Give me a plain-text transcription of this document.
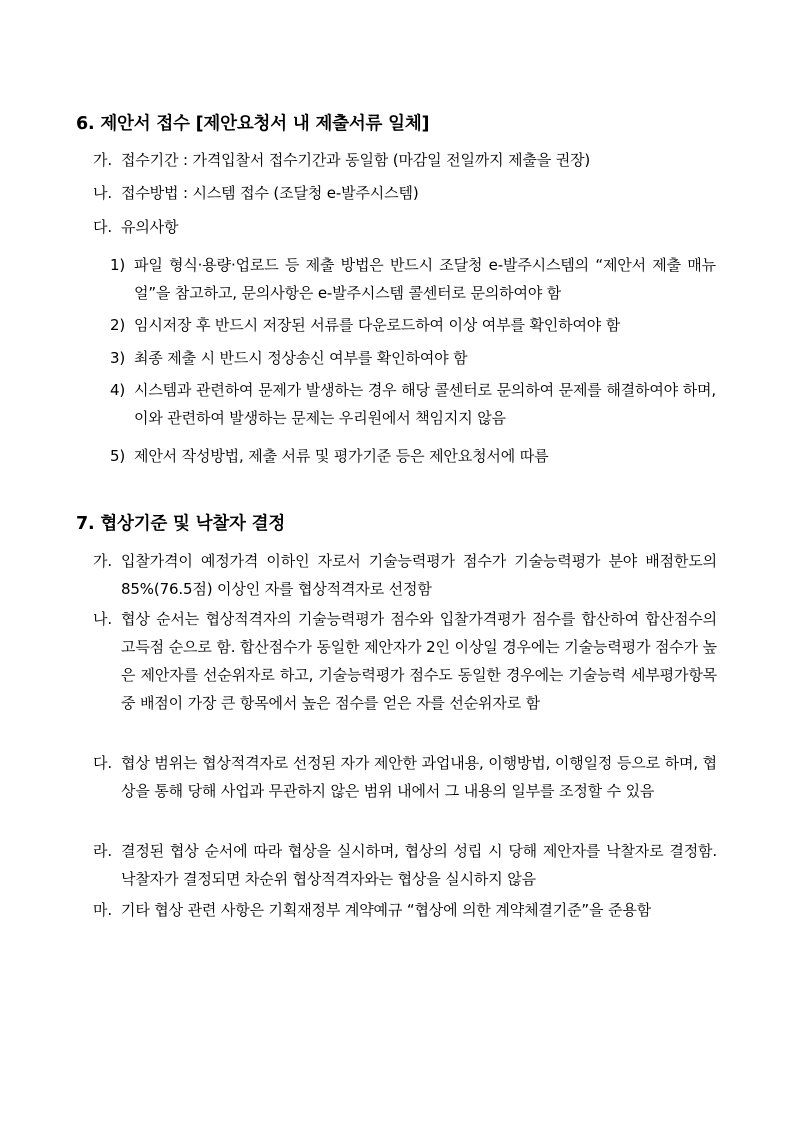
6. 제안서 접수 [제안요청서 내 제출서류 일체]
가. 접수기간 : 가격입찰서 접수기간과 동일함 (마감일 전일까지 제출을 권장)
나. 접수방법 : 시스템 접수 (조달청 e-발주시스템)
다. 유의사항
1) 파일 형식·용량·업로드 등 제출 방법은 반드시 조달청 e-발주시스템의 “제안서 제출 매뉴얼”을 참고하고, 문의사항은 e-발주시스템 콜센터로 문의하여야 함
2) 임시저장 후 반드시 저장된 서류를 다운로드하여 이상 여부를 확인하여야 함
3) 최종 제출 시 반드시 정상송신 여부를 확인하여야 함
4) 시스템과 관련하여 문제가 발생하는 경우 해당 콜센터로 문의하여 문제를 해결하여야 하며, 이와 관련하여 발생하는 문제는 우리원에서 책임지지 않음
5) 제안서 작성방법, 제출 서류 및 평가기준 등은 제안요청서에 따름
7. 협상기준 및 낙찰자 결정
가. 입찰가격이 예정가격 이하인 자로서 기술능력평가 점수가 기술능력평가 분야 배점한도의 85%(76.5점) 이상인 자를 협상적격자로 선정함
나. 협상 순서는 협상적격자의 기술능력평가 점수와 입찰가격평가 점수를 합산하여 합산점수의 고득점 순으로 함. 합산점수가 동일한 제안자가 2인 이상일 경우에는 기술능력평가 점수가 높은 제안자를 선순위자로 하고, 기술능력평가 점수도 동일한 경우에는 기술능력 세부평가항목 중 배점이 가장 큰 항목에서 높은 점수를 얻은 자를 선순위자로 함
다. 협상 범위는 협상적격자로 선정된 자가 제안한 과업내용, 이행방법, 이행일정 등으로 하며, 협상을 통해 당해 사업과 무관하지 않은 범위 내에서 그 내용의 일부를 조정할 수 있음
라. 결정된 협상 순서에 따라 협상을 실시하며, 협상의 성립 시 당해 제안자를 낙찰자로 결정함. 낙찰자가 결정되면 차순위 협상적격자와는 협상을 실시하지 않음
마. 기타 협상 관련 사항은 기획재정부 계약예규 “협상에 의한 계약체결기준”을 준용함
